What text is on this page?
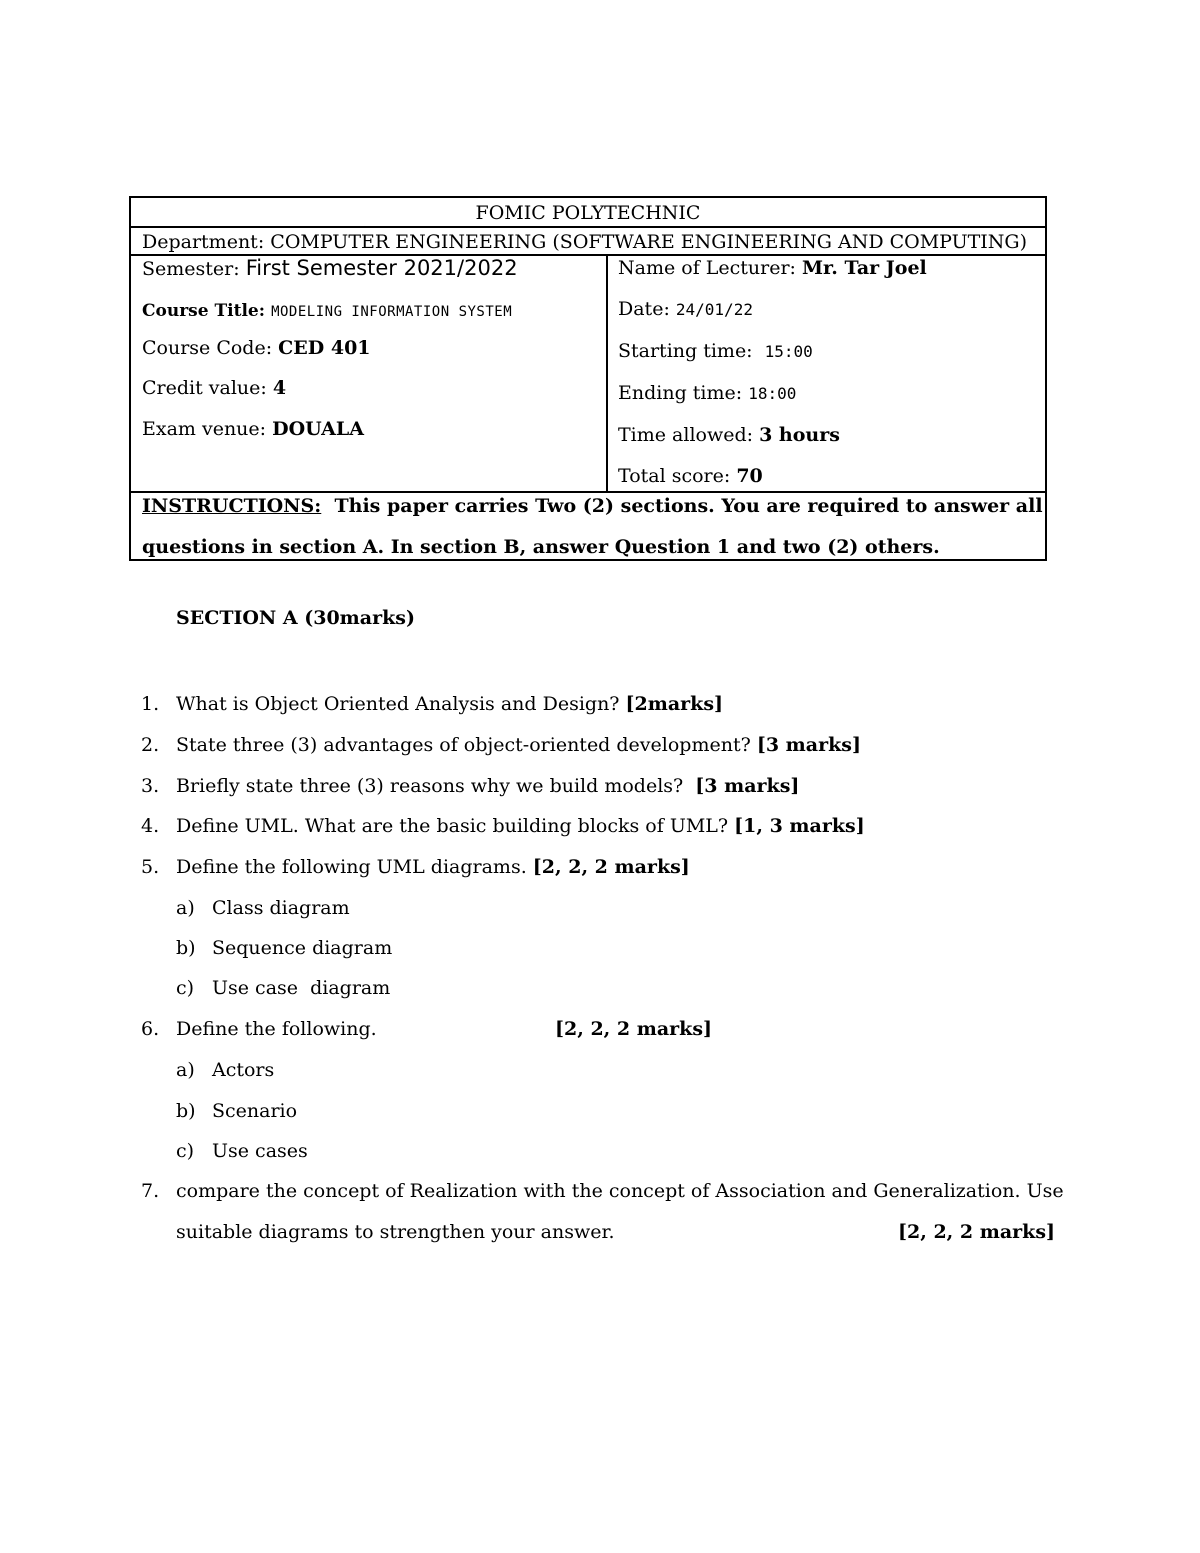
FOMIC POLYTECHNIC
Department: COMPUTER ENGINEERING (SOFTWARE ENGINEERING AND COMPUTING)
Semester: First Semester 2021/2022
Course Title: MODELING INFORMATION SYSTEM
Course Code: CED 401
Credit value: 4
Exam venue: DOUALA
Name of Lecturer: Mr. Tar Joel
Date: 24/01/22
Starting time: 15:00
Ending time: 18:00
Time allowed: 3 hours
Total score: 70
INSTRUCTIONS: This paper carries Two (2) sections. You are required to answer all
questions in section A. In section B, answer Question 1 and two (2) others.
SECTION A (30marks)
1. What is Object Oriented Analysis and Design? [2marks]
2. State three (3) advantages of object-oriented development? [3 marks]
3. Briefly state three (3) reasons why we build models? [3 marks]
4. Define UML. What are the basic building blocks of UML? [1, 3 marks]
5. Define the following UML diagrams. [2, 2, 2 marks]
a) Class diagram
b) Sequence diagram
c) Use case  diagram
6. Define the following.	[2, 2, 2 marks]
a) Actors
b) Scenario
c) Use cases
7. compare the concept of Realization with the concept of Association and Generalization. Use
suitable diagrams to strengthen your answer.	[2, 2, 2 marks]
